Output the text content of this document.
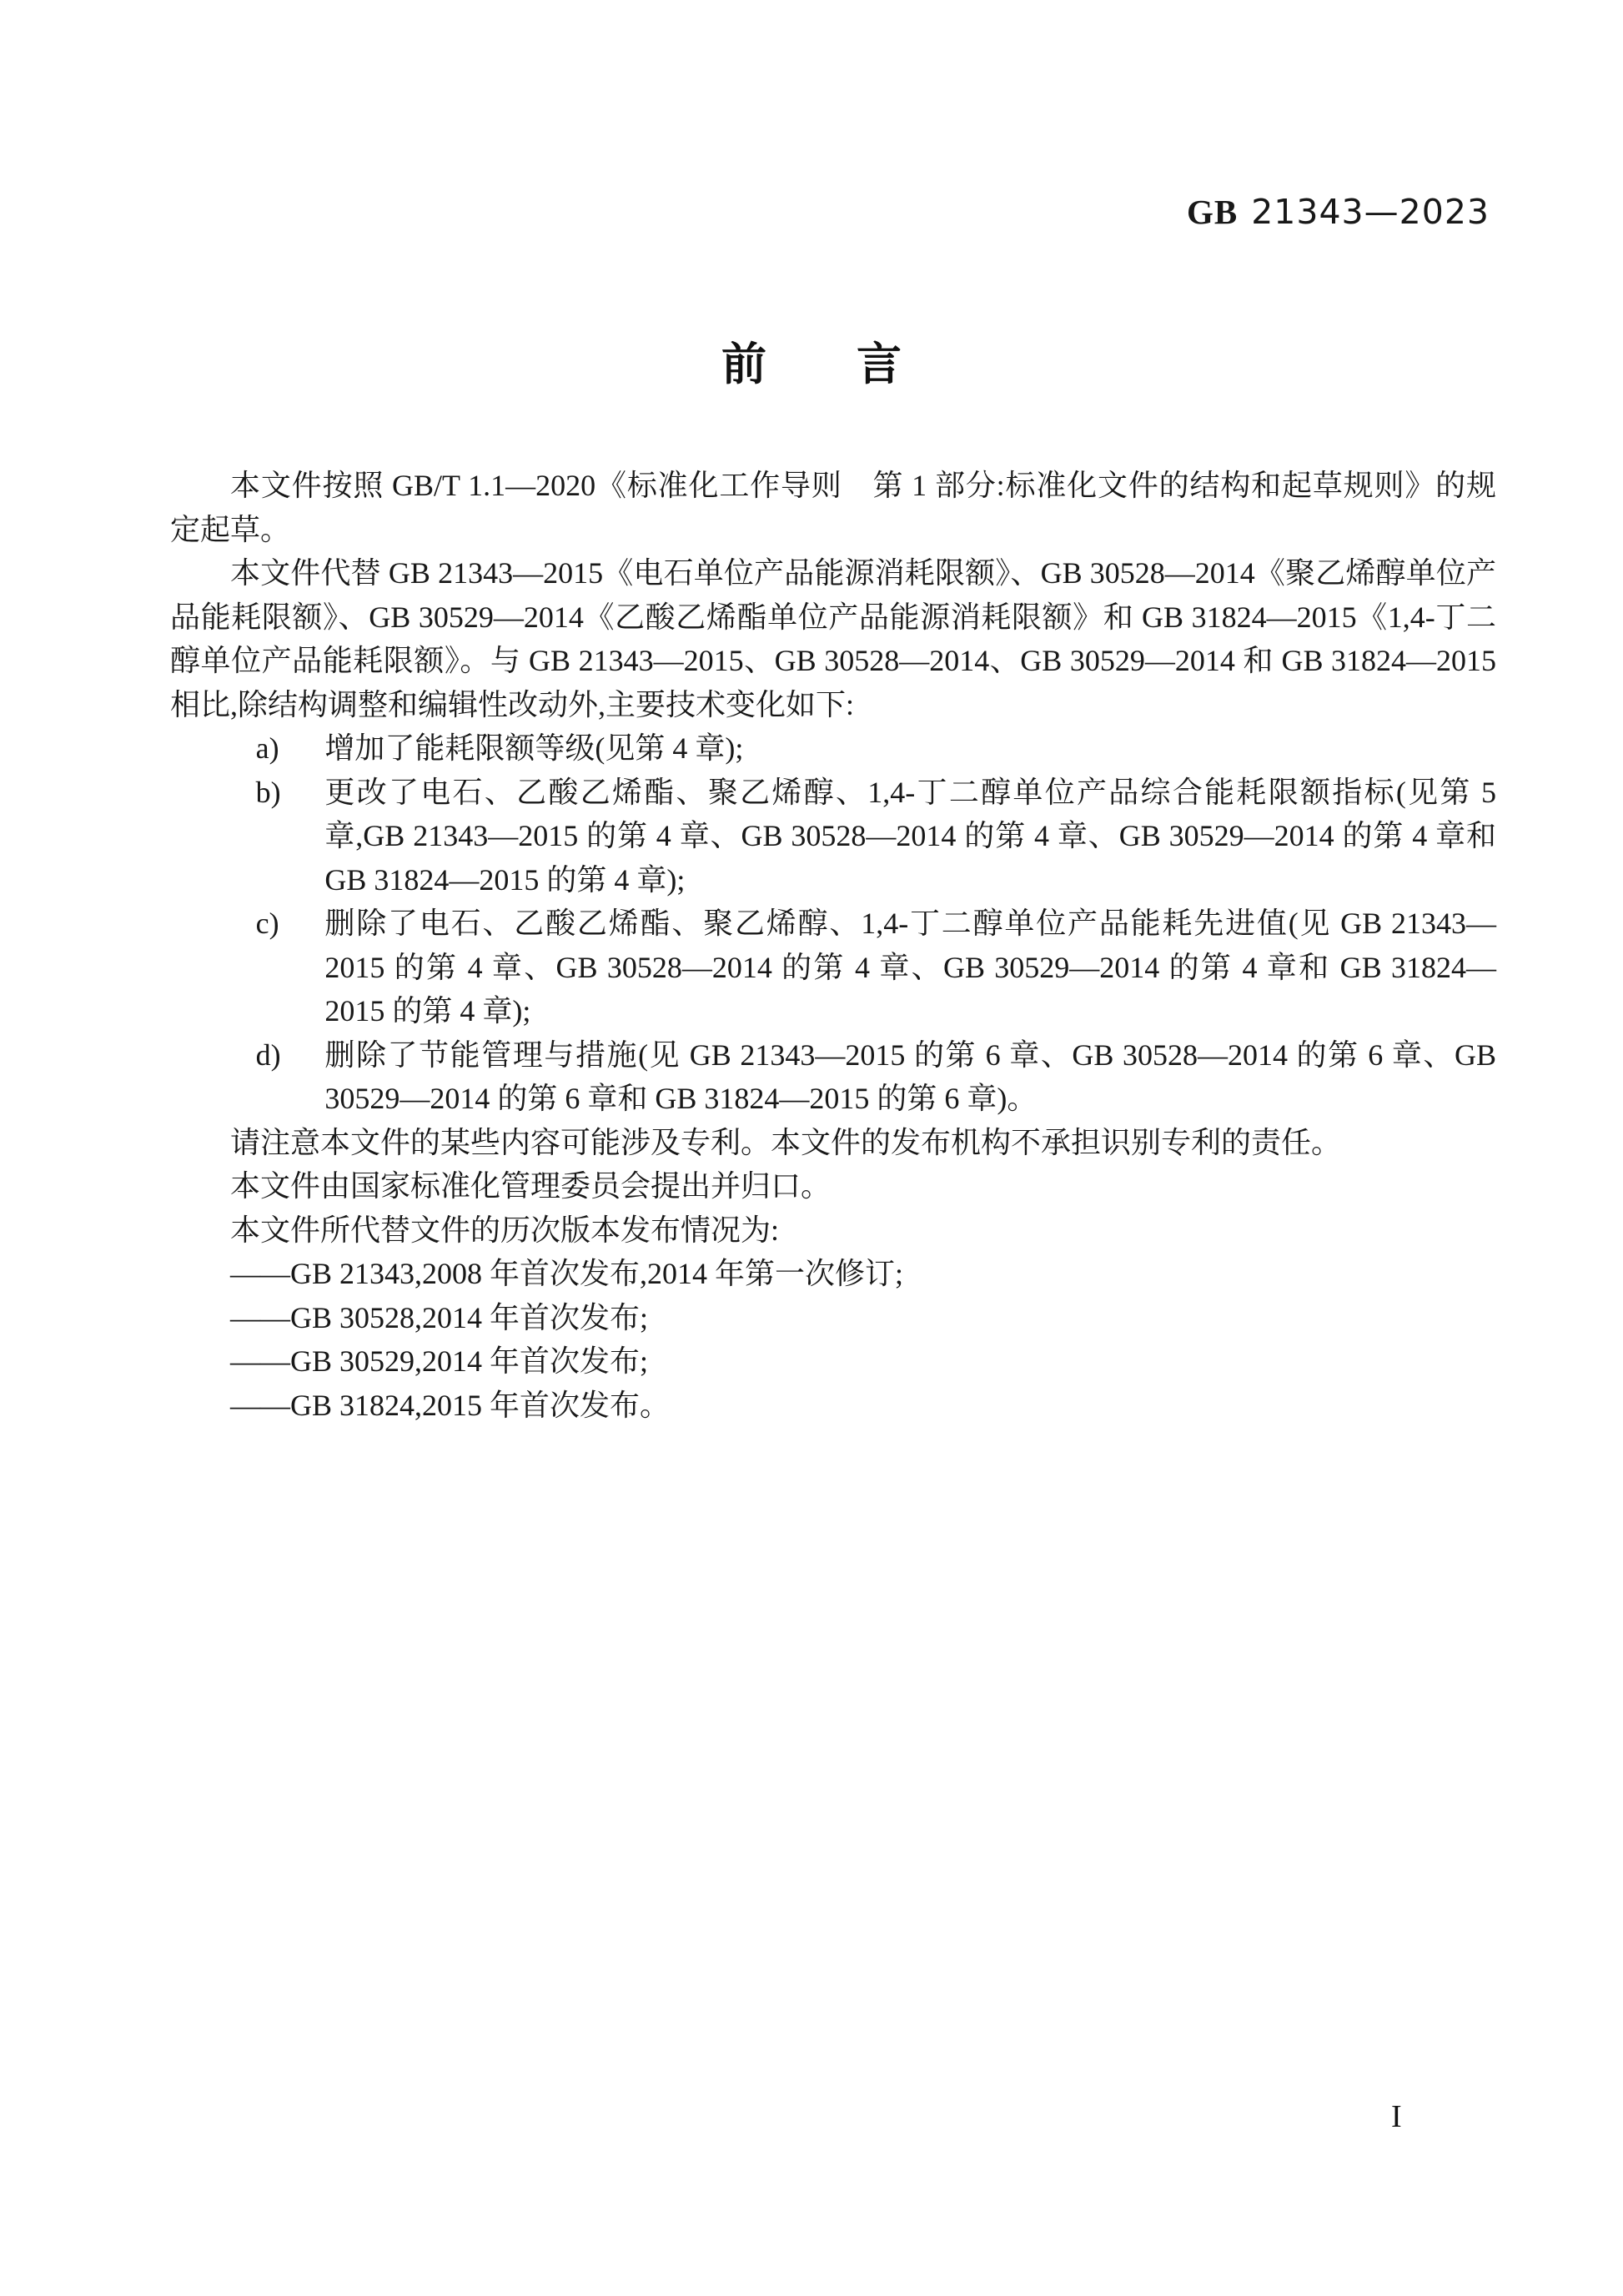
GB 21343—2023
前　　言

本文件按照 GB/T 1.1—2020《标准化工作导则　第 1 部分:标准化文件的结构和起草规则》的规定起草。

本文件代替 GB 21343—2015《电石单位产品能源消耗限额》、GB 30528—2014《聚乙烯醇单位产品能耗限额》、GB 30529—2014《乙酸乙烯酯单位产品能源消耗限额》和 GB 31824—2015《1,4-丁二醇单位产品能耗限额》。与 GB 21343—2015、GB 30528—2014、GB 30529—2014 和 GB 31824—2015 相比,除结构调整和编辑性改动外,主要技术变化如下:

a)	增加了能耗限额等级(见第 4 章);
b)	更改了电石、乙酸乙烯酯、聚乙烯醇、1,4-丁二醇单位产品综合能耗限额指标(见第 5 章,GB 21343—2015 的第 4 章、GB 30528—2014 的第 4 章、GB 30529—2014 的第 4 章和 GB 31824—2015 的第 4 章);
c)	删除了电石、乙酸乙烯酯、聚乙烯醇、1,4-丁二醇单位产品能耗先进值(见 GB 21343—2015 的第 4 章、GB 30528—2014 的第 4 章、GB 30529—2014 的第 4 章和 GB 31824—2015 的第 4 章);
d)	删除了节能管理与措施(见 GB 21343—2015 的第 6 章、GB 30528—2014 的第 6 章、GB 30529—2014 的第 6 章和 GB 31824—2015 的第 6 章)。

请注意本文件的某些内容可能涉及专利。本文件的发布机构不承担识别专利的责任。

本文件由国家标准化管理委员会提出并归口。

本文件所代替文件的历次版本发布情况为:

——GB 21343,2008 年首次发布,2014 年第一次修订;

——GB 30528,2014 年首次发布;

——GB 30529,2014 年首次发布;

——GB 31824,2015 年首次发布。

I
